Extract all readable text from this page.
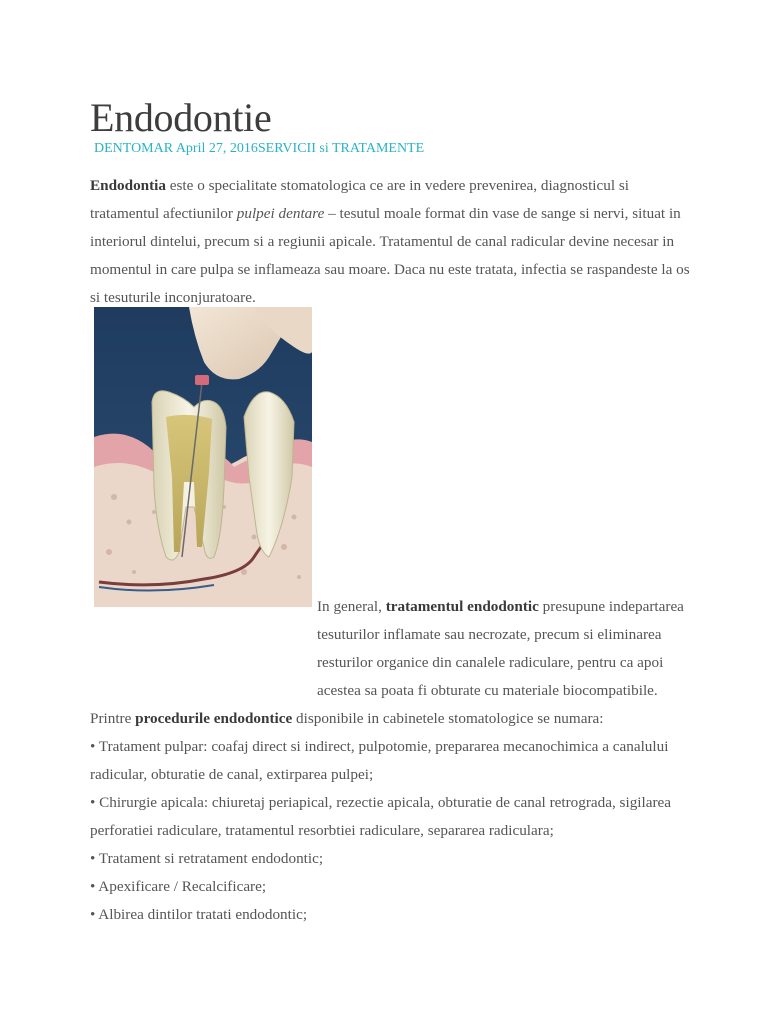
Endodontie
DENTOMAR April 27, 2016SERVICII si TRATAMENTE

Endodontia este o specialitate stomatologica ce are in vedere prevenirea, diagnosticul si tratamentul afectiunilor pulpei dentare – tesutul moale format din vase de sange si nervi, situat in interiorul dintelui, precum si a regiunii apicale. Tratamentul de canal radicular devine necesar in momentul in care pulpa se inflameaza sau moare. Daca nu este tratata, infectia se raspandeste la os si tesuturile inconjuratoare.

In general, tratamentul endodontic presupune indepartarea tesuturilor inflamate sau necrozate, precum si eliminarea resturilor organice din canalele radiculare, pentru ca apoi acestea sa poata fi obturate cu materiale biocompatibile.
Printre procedurile endodontice disponibile in cabinetele stomatologice se numara:
• Tratament pulpar: coafaj direct si indirect, pulpotomie, prepararea mecanochimica a canalului radicular, obturatie de canal, extirparea pulpei;
• Chirurgie apicala: chiuretaj periapical, rezectie apicala, obturatie de canal retrograda, sigilarea perforatiei radiculare, tratamentul resorbtiei radiculare, separarea radiculara;
• Tratament si retratament endodontic;
• Apexificare / Recalcificare;
• Albirea dintilor tratati endodontic;
